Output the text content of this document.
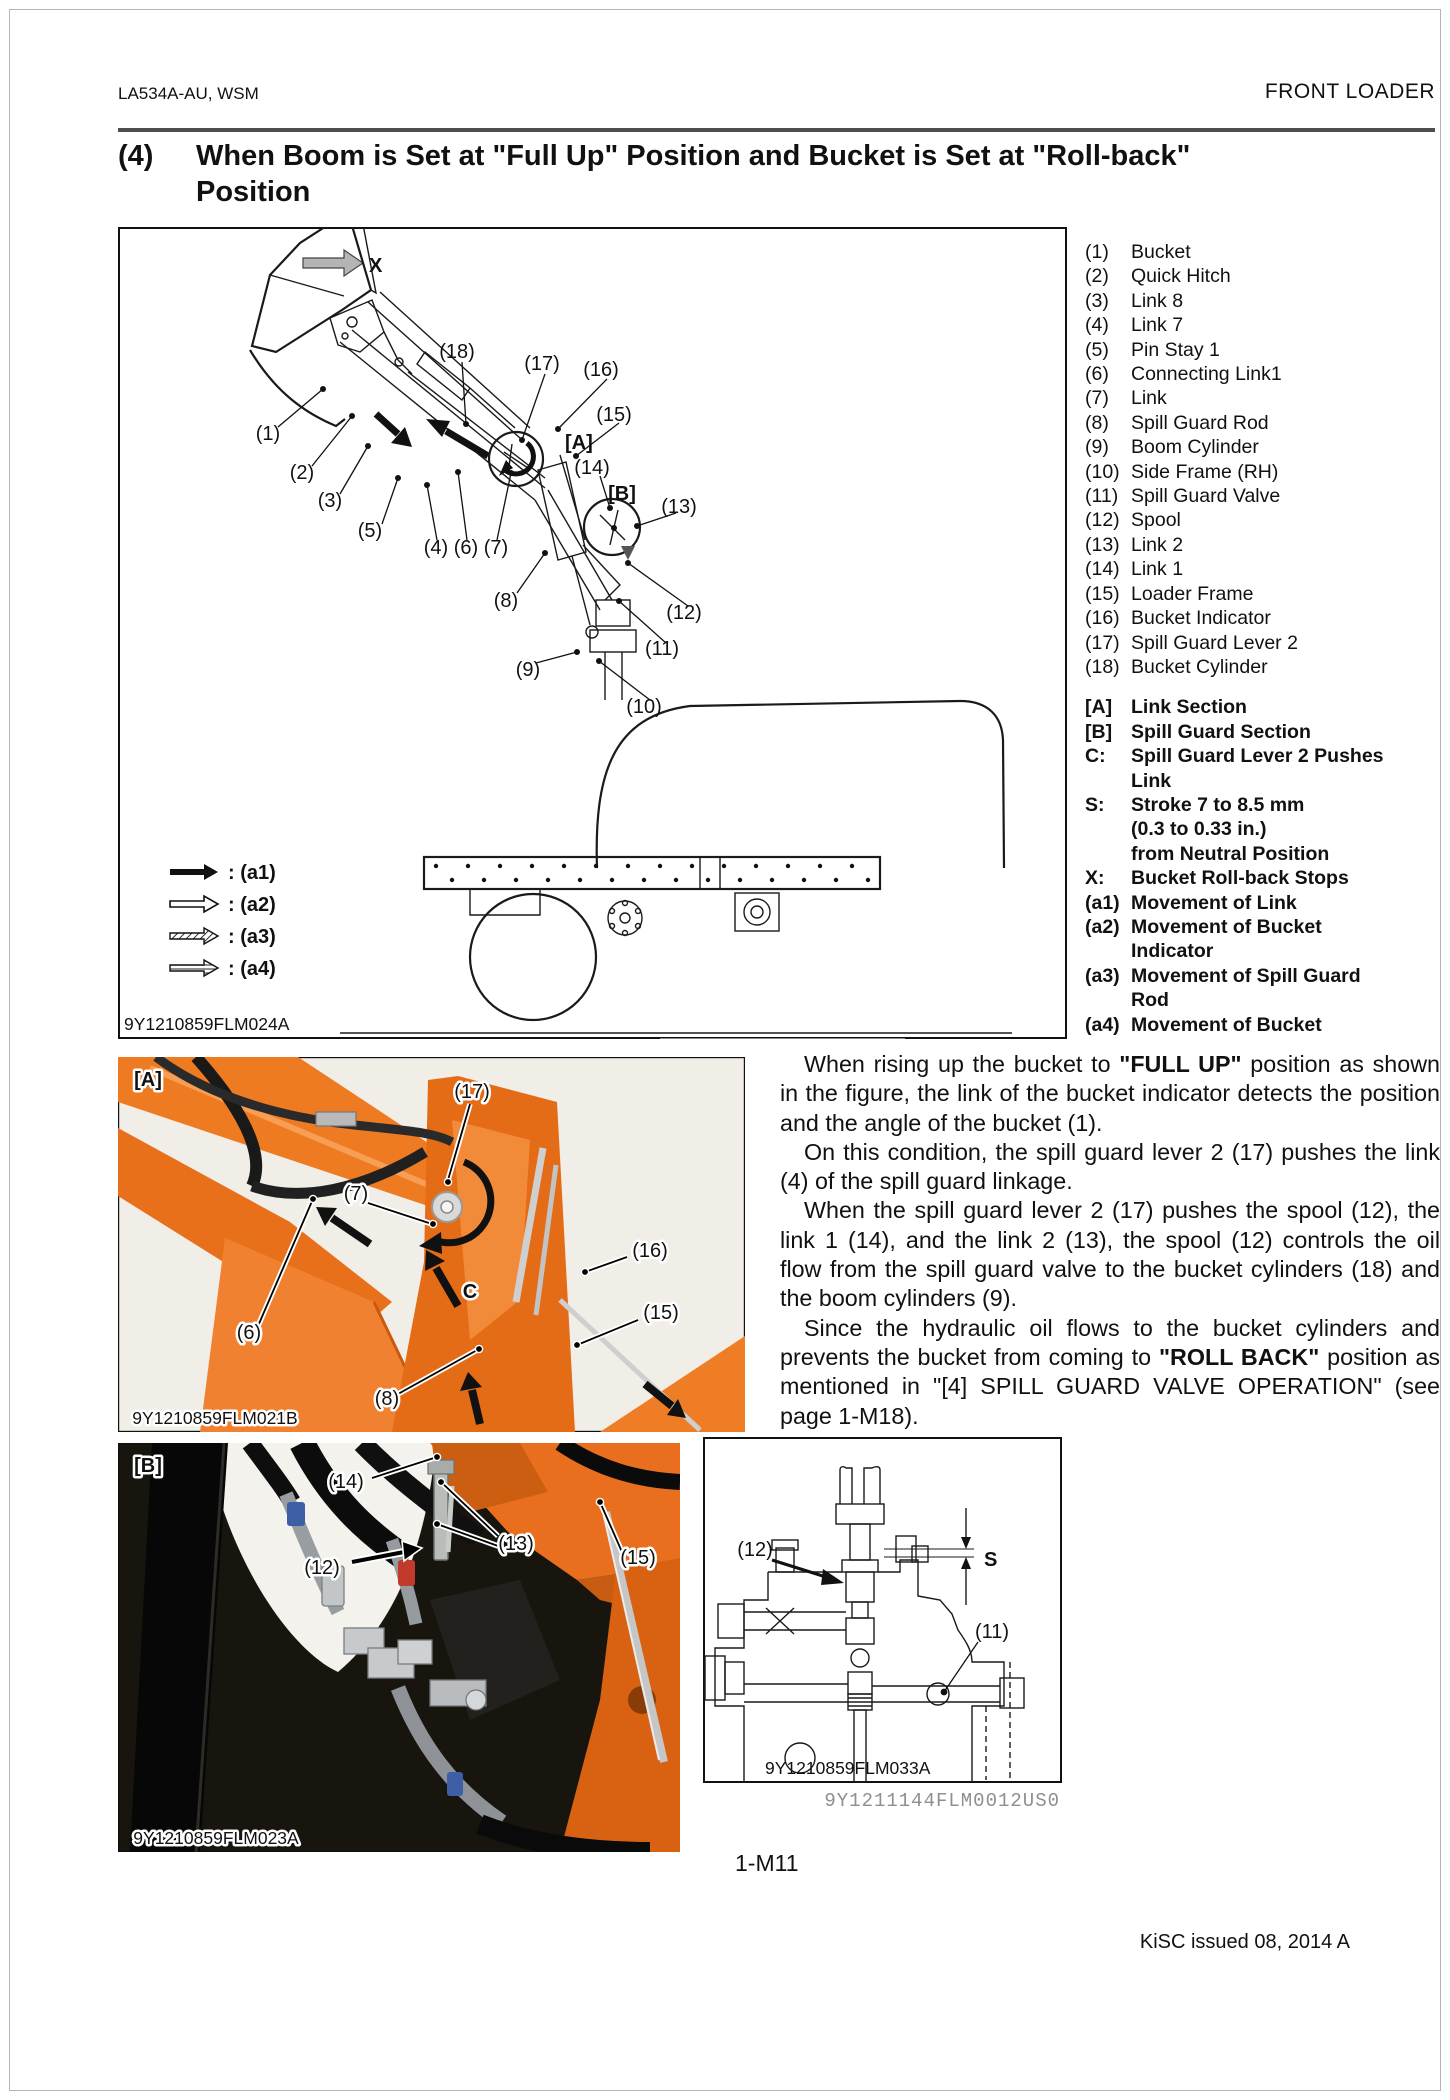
LA534A-AU, WSM	FRONT LOADER
(4) When Boom is Set at "Full Up" Position and Bucket is Set at "Roll-back"
Position
X
(1)
(2)
(3)
(5)
(4) (6) (7)
(8)
(18)
(17)
[A]
(16)
(15)
(14)
[B]
(13)
(12)
(11)
(10)
(9)
: (a1)
: (a2)
: (a3)
: (a4)
9Y1210859FLM024A
(1)	Bucket
(2)	Quick Hitch
(3)	Link 8
(4)	Link 7
(5)	Pin Stay 1
(6)	Connecting Link1
(7)	Link
(8)	Spill Guard Rod
(9)	Boom Cylinder
(10) Side Frame (RH)
(11) Spill Guard Valve
(12) Spool
(13) Link 2
(14) Link 1
(15) Loader Frame
(16) Bucket Indicator
(17) Spill Guard Lever 2
(18) Bucket Cylinder
[A] Link Section
[B] Spill Guard Section
C:	Spill Guard Lever 2 Pushes
Link
S:	Stroke 7 to 8.5 mm
(0.3 to 0.33 in.)
from Neutral Position
X:	Bucket Roll-back Stops
(a1) Movement of Link
(a2) Movement of Bucket
Indicator
(a3) Movement of Spill Guard
Rod
(a4) Movement of Bucket

When rising up the bucket to "FULL UP" position as shown in the figure, the link of the bucket indicator detects the position and the angle of the bucket (1).

On this condition, the spill guard lever 2 (17) pushes the link (4) of the spill guard linkage.

When the spill guard lever 2 (17) pushes the spool (12), the link 1 (14), and the link 2 (13), the spool (12) controls the oil flow from the spill guard valve to the bucket cylinders (18) and the boom cylinders (9).

Since the hydraulic oil flows to the bucket cylinders and prevents the bucket from coming to "ROLL BACK" position as mentioned in "[4] SPILL GUARD VALVE OPERATION" (see page 1-M18).

[A]
(17)
(7)
(16)
(15)
(6)
C
(8)
9Y1210859FLM021B
[B]
(14)
(12)
(13)
(15)
9Y1210859FLM023A
(12)
(11)
S
9Y1210859FLM033A
9Y1211144FLM0012US0
1-M11
KiSC issued 08, 2014 A
